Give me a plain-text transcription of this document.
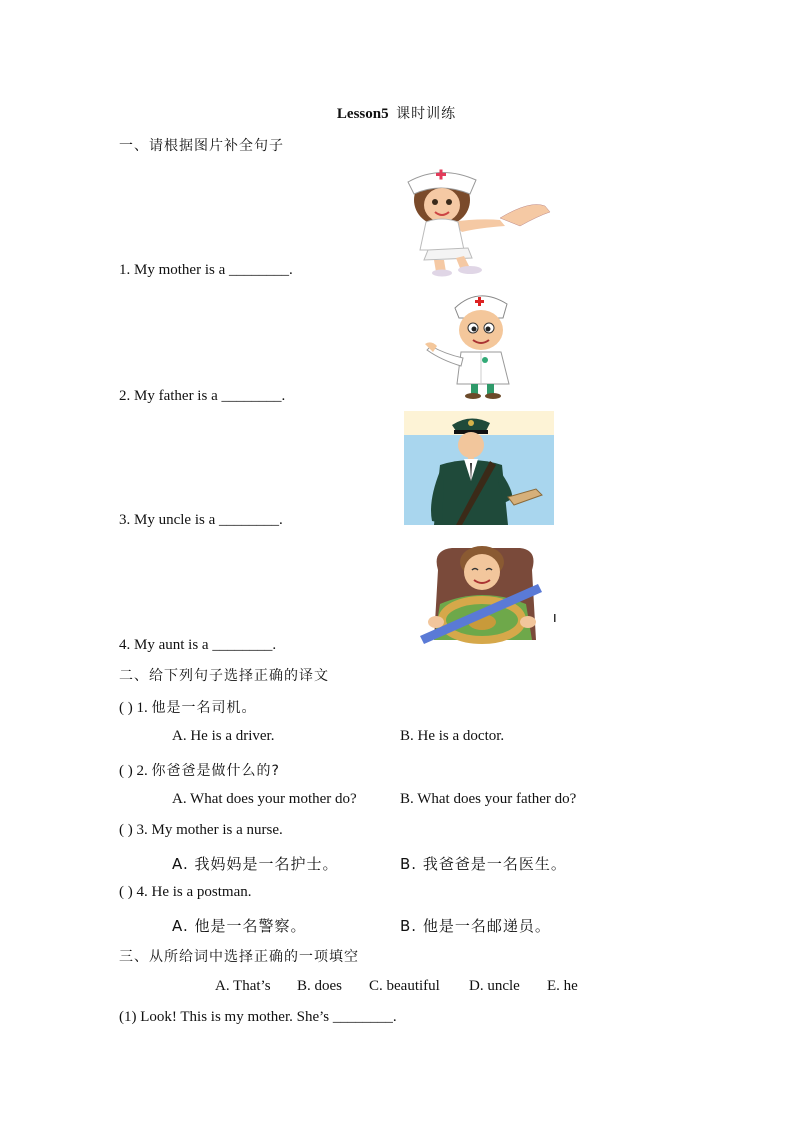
Lesson5 课时训练
一、请根据图片补全句子
1. My mother is a ________.
2. My father is a ________.
3. My uncle is a ________.
4. My aunt is a ________.
二、给下列句子选择正确的译文
( ) 1. 他是一名司机。
A. He is a driver.	B. He is a doctor.
( ) 2. 你爸爸是做什么的?
A. What does your mother do?	B. What does your father do?
( ) 3. My mother is a nurse.
A. 我妈妈是一名护士。	B. 我爸爸是一名医生。
( ) 4. He is a postman.
A. 他是一名警察。	B. 他是一名邮递员。
三、从所给词中选择正确的一项填空
A. That’s B. does C. beautiful D. uncle E. he
(1) Look! This is my mother. She’s ________.
